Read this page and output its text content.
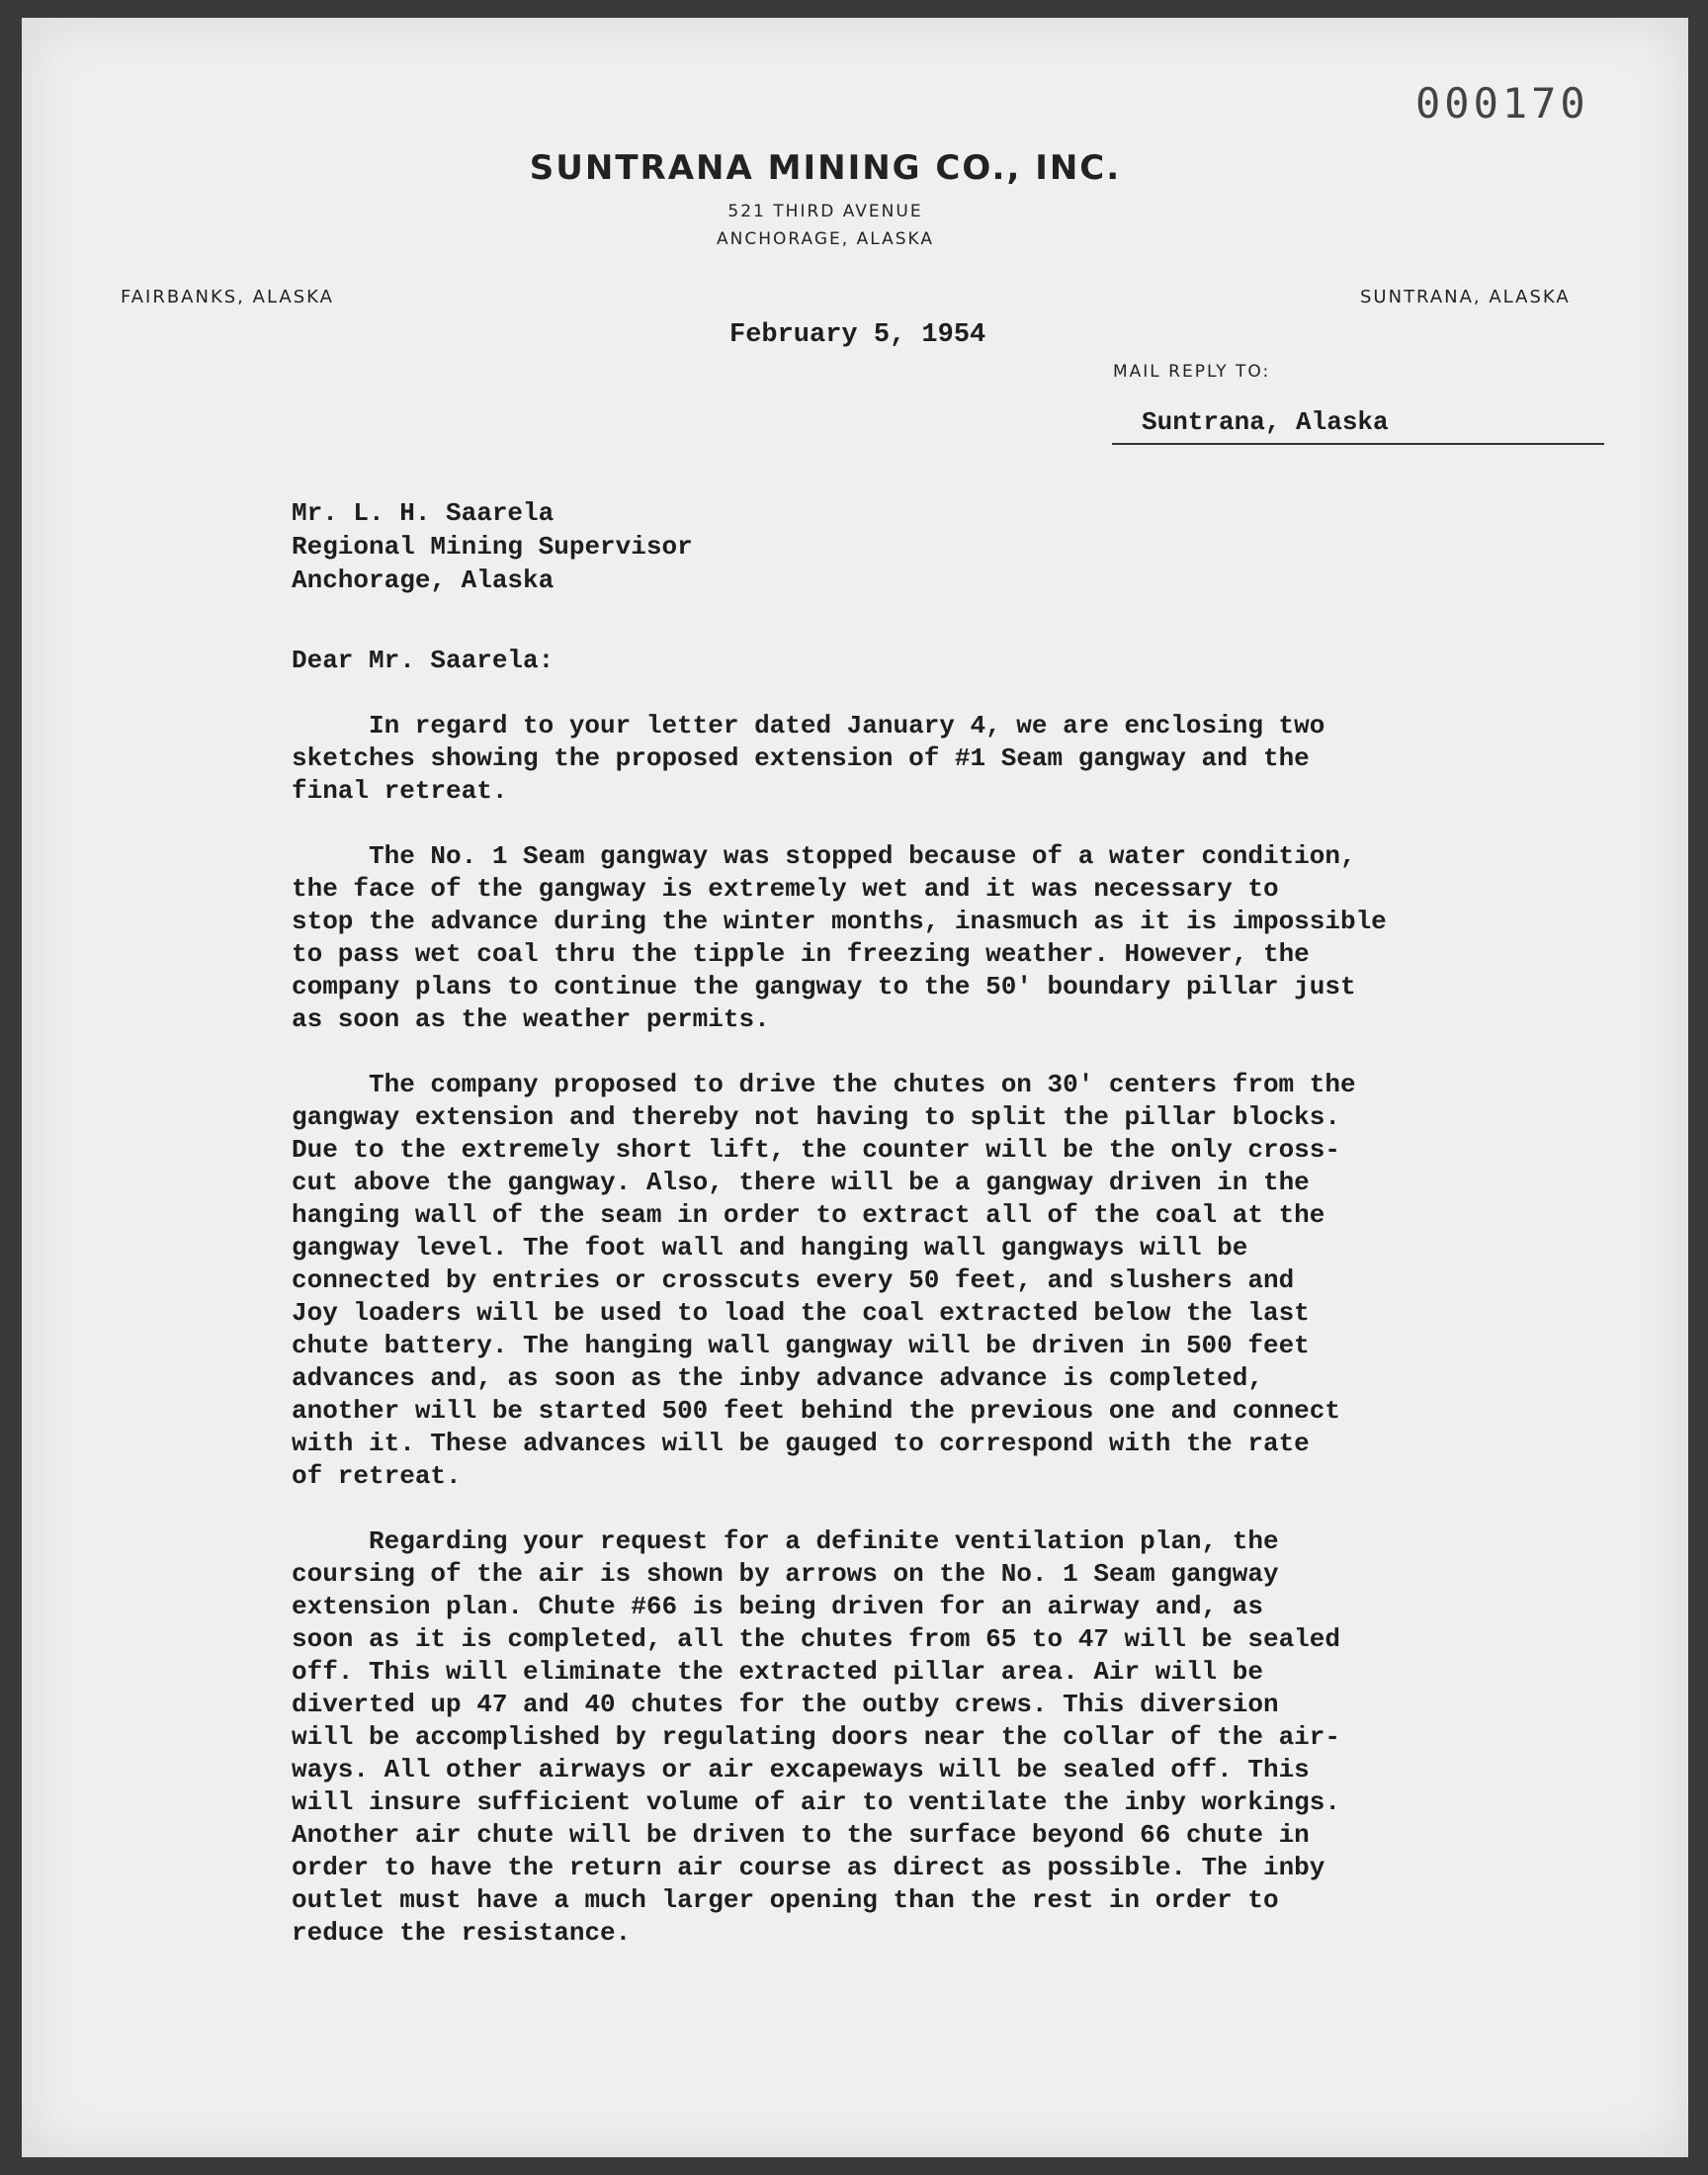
000170
SUNTRANA MINING CO., INC.
521 THIRD AVENUE
ANCHORAGE, ALASKA
FAIRBANKS, ALASKA	SUNTRANA, ALASKA
February 5, 1954
MAIL REPLY TO:
Suntrana, Alaska
Mr. L. H. Saarela
Regional Mining Supervisor
Anchorage, Alaska

Dear Mr. Saarela:

In regard to your letter dated January 4, we are enclosing two
sketches showing the proposed extension of #1 Seam gangway and the
final retreat.

The No. 1 Seam gangway was stopped because of a water condition,
the face of the gangway is extremely wet and it was necessary to
stop the advance during the winter months, inasmuch as it is impossible
to pass wet coal thru the tipple in freezing weather. However, the
company plans to continue the gangway to the 50' boundary pillar just
as soon as the weather permits.

The company proposed to drive the chutes on 30' centers from the
gangway extension and thereby not having to split the pillar blocks.
Due to the extremely short lift, the counter will be the only cross-
cut above the gangway. Also, there will be a gangway driven in the
hanging wall of the seam in order to extract all of the coal at the
gangway level. The foot wall and hanging wall gangways will be
connected by entries or crosscuts every 50 feet, and slushers and
Joy loaders will be used to load the coal extracted below the last
chute battery. The hanging wall gangway will be driven in 500 feet
advances and, as soon as the inby advance advance is completed,
another will be started 500 feet behind the previous one and connect
with it. These advances will be gauged to correspond with the rate
of retreat.

Regarding your request for a definite ventilation plan, the
coursing of the air is shown by arrows on the No. 1 Seam gangway
extension plan. Chute #66 is being driven for an airway and, as
soon as it is completed, all the chutes from 65 to 47 will be sealed
off. This will eliminate the extracted pillar area. Air will be
diverted up 47 and 40 chutes for the outby crews. This diversion
will be accomplished by regulating doors near the collar of the air-
ways. All other airways or air excapeways will be sealed off. This
will insure sufficient volume of air to ventilate the inby workings.
Another air chute will be driven to the surface beyond 66 chute in
order to have the return air course as direct as possible. The inby
outlet must have a much larger opening than the rest in order to
reduce the resistance.
